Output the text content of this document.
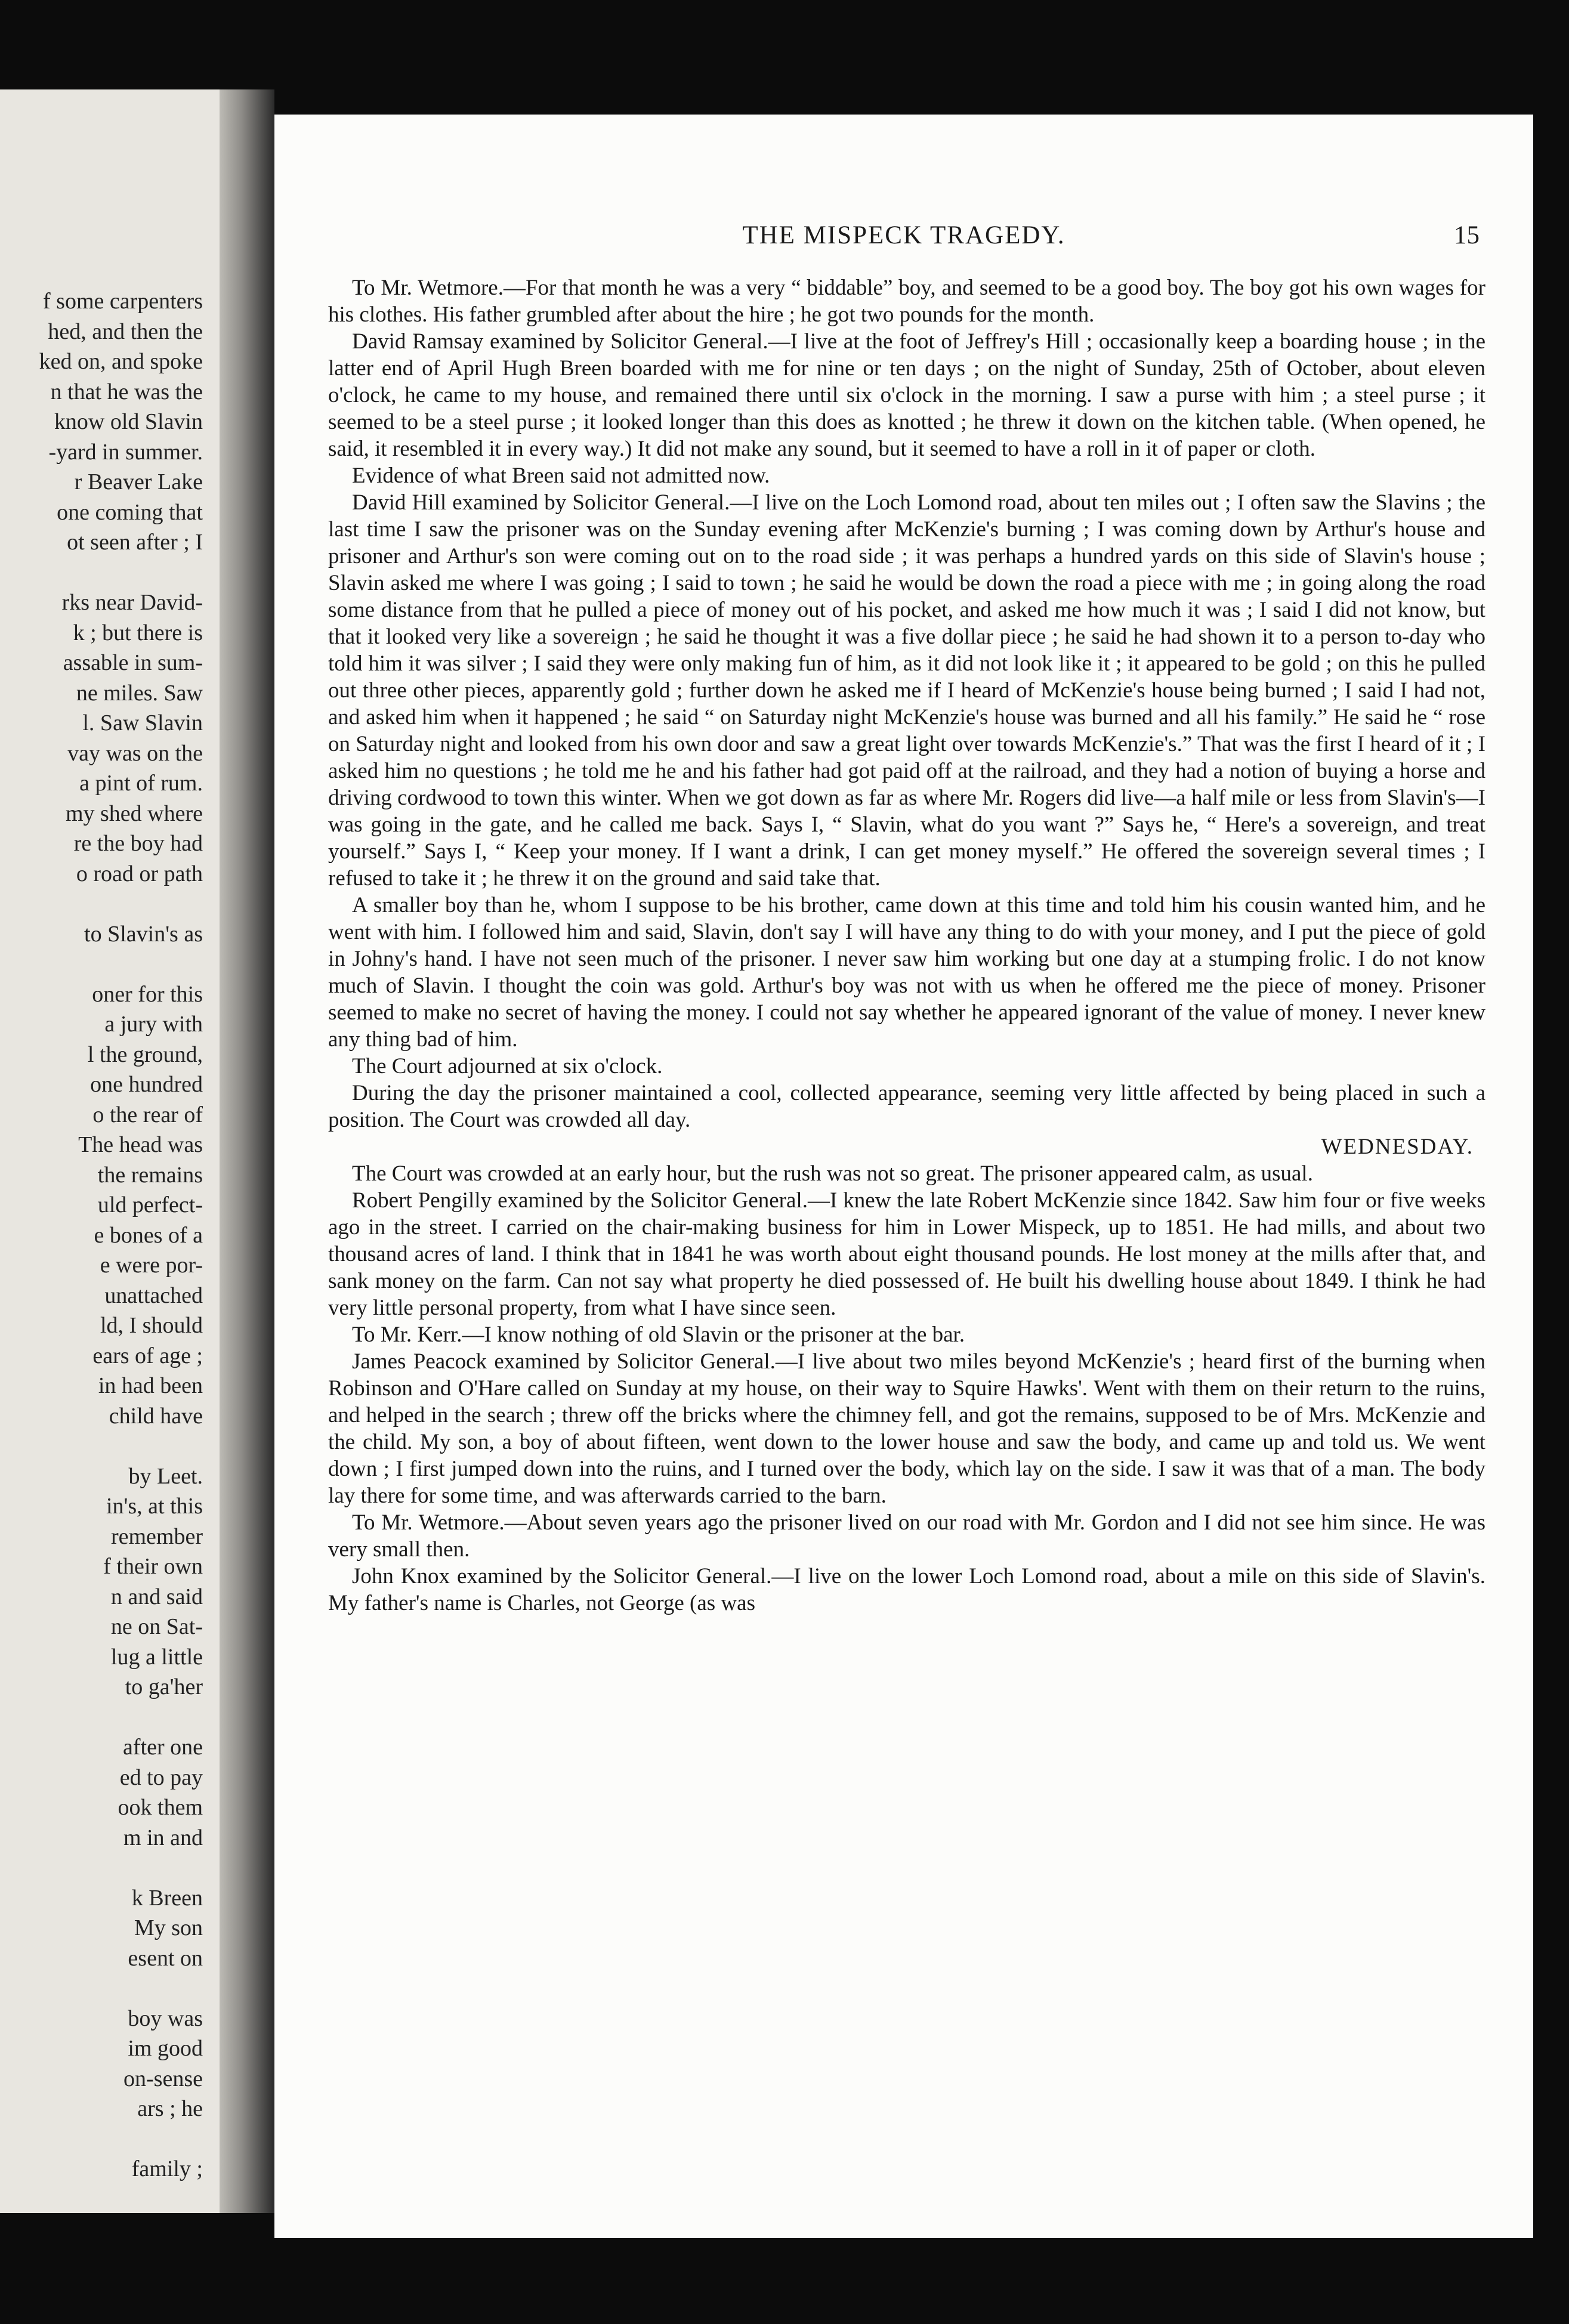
f some carpenters
hed, and then the
ked on, and spoke
n that he was the
know old Slavin
-yard in summer.
r Beaver Lake
one coming that
ot seen after ; I
rks near David-
k ; but there is
assable in sum-
ne miles. Saw
l. Saw Slavin
vay was on the
a pint of rum.
my shed where
re the boy had
o road or path
to Slavin's as
oner for this
a jury with
l the ground,
one hundred
o the rear of
The head was
the remains
uld perfect-
e bones of a
e were por-
unattached
ld, I should
ears of age ;
in had been
child have
by Leet.
in's, at this
remember
f their own
n and said
ne on Sat-
lug a little
to ga'her
after one
ed to pay
ook them
m in and
k Breen
My son
esent on
boy was
im good
on-sense
ars ; he
family ;
THE MISPECK TRAGEDY.	15

To Mr. Wetmore.—For that month he was a very “ biddable” boy, and seemed to be a good boy. The boy got his own wages for his clothes. His father grumbled after about the hire ; he got two pounds for the month.

David Ramsay examined by Solicitor General.—I live at the foot of Jeffrey's Hill ; occasionally keep a boarding house ; in the latter end of April Hugh Breen boarded with me for nine or ten days ; on the night of Sunday, 25th of October, about eleven o'clock, he came to my house, and remained there until six o'clock in the morning. I saw a purse with him ; a steel purse ; it seemed to be a steel purse ; it looked longer than this does as knotted ; he threw it down on the kitchen table. (When opened, he said, it resembled it in every way.) It did not make any sound, but it seemed to have a roll in it of paper or cloth.

Evidence of what Breen said not admitted now.

David Hill examined by Solicitor General.—I live on the Loch Lomond road, about ten miles out ; I often saw the Slavins ; the last time I saw the prisoner was on the Sunday evening after McKenzie's burning ; I was coming down by Arthur's house and prisoner and Arthur's son were coming out on to the road side ; it was perhaps a hundred yards on this side of Slavin's house ; Slavin asked me where I was going ; I said to town ; he said he would be down the road a piece with me ; in going along the road some distance from that he pulled a piece of money out of his pocket, and asked me how much it was ; I said I did not know, but that it looked very like a sovereign ; he said he thought it was a five dollar piece ; he said he had shown it to a person to-day who told him it was silver ; I said they were only making fun of him, as it did not look like it ; it appeared to be gold ; on this he pulled out three other pieces, apparently gold ; further down he asked me if I heard of McKenzie's house being burned ; I said I had not, and asked him when it happened ; he said “ on Saturday night McKenzie's house was burned and all his family.” He said he “ rose on Saturday night and looked from his own door and saw a great light over towards McKenzie's.” That was the first I heard of it ; I asked him no questions ; he told me he and his father had got paid off at the railroad, and they had a notion of buying a horse and driving cordwood to town this winter. When we got down as far as where Mr. Rogers did live—a half mile or less from Slavin's—I was going in the gate, and he called me back. Says I, “ Slavin, what do you want ?” Says he, “ Here's a sovereign, and treat yourself.” Says I, “ Keep your money. If I want a drink, I can get money myself.” He offered the sovereign several times ; I refused to take it ; he threw it on the ground and said take that.

A smaller boy than he, whom I suppose to be his brother, came down at this time and told him his cousin wanted him, and he went with him. I followed him and said, Slavin, don't say I will have any thing to do with your money, and I put the piece of gold in Johny's hand. I have not seen much of the prisoner. I never saw him working but one day at a stumping frolic. I do not know much of Slavin. I thought the coin was gold. Arthur's boy was not with us when he offered me the piece of money. Prisoner seemed to make no secret of having the money. I could not say whether he appeared ignorant of the value of money. I never knew any thing bad of him.

The Court adjourned at six o'clock.

During the day the prisoner maintained a cool, collected appearance, seeming very little affected by being placed in such a position. The Court was crowded all day.

WEDNESDAY.

The Court was crowded at an early hour, but the rush was not so great. The prisoner appeared calm, as usual.

Robert Pengilly examined by the Solicitor General.—I knew the late Robert McKenzie since 1842. Saw him four or five weeks ago in the street. I carried on the chair-making business for him in Lower Mispeck, up to 1851. He had mills, and about two thousand acres of land. I think that in 1841 he was worth about eight thousand pounds. He lost money at the mills after that, and sank money on the farm. Can not say what property he died possessed of. He built his dwelling house about 1849. I think he had very little personal property, from what I have since seen.

To Mr. Kerr.—I know nothing of old Slavin or the prisoner at the bar.

James Peacock examined by Solicitor General.—I live about two miles beyond McKenzie's ; heard first of the burning when Robinson and O'Hare called on Sunday at my house, on their way to Squire Hawks'. Went with them on their return to the ruins, and helped in the search ; threw off the bricks where the chimney fell, and got the remains, supposed to be of Mrs. McKenzie and the child. My son, a boy of about fifteen, went down to the lower house and saw the body, and came up and told us. We went down ; I first jumped down into the ruins, and I turned over the body, which lay on the side. I saw it was that of a man. The body lay there for some time, and was afterwards carried to the barn.

To Mr. Wetmore.—About seven years ago the prisoner lived on our road with Mr. Gordon and I did not see him since. He was very small then.

John Knox examined by the Solicitor General.—I live on the lower Loch Lomond road, about a mile on this side of Slavin's. My father's name is Charles, not George (as was
